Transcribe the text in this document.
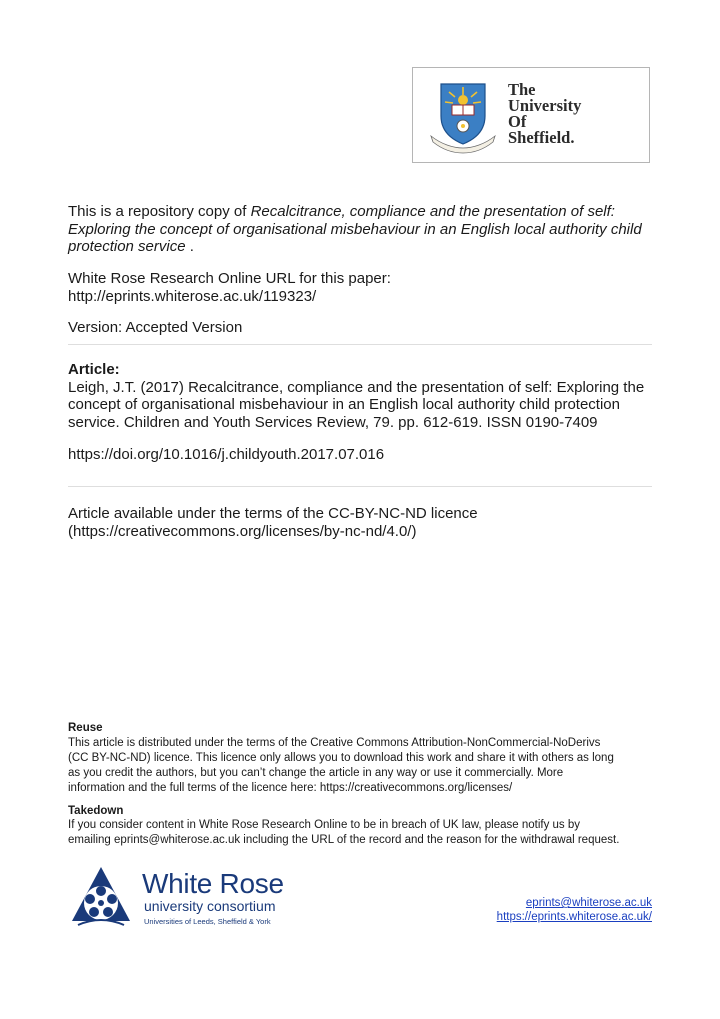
The
University
Of
Sheffield.
This is a repository copy of Recalcitrance, compliance and the presentation of self:
Exploring the concept of organisational misbehaviour in an English local authority child
protection service .
White Rose Research Online URL for this paper:
http://eprints.whiterose.ac.uk/119323/
Version: Accepted Version
Article:
Leigh, J.T. (2017) Recalcitrance, compliance and the presentation of self: Exploring the
concept of organisational misbehaviour in an English local authority child protection
service. Children and Youth Services Review, 79. pp. 612-619. ISSN 0190-7409
https://doi.org/10.1016/j.childyouth.2017.07.016
Article available under the terms of the CC-BY-NC-ND licence
(https://creativecommons.org/licenses/by-nc-nd/4.0/)
Reuse
This article is distributed under the terms of the Creative Commons Attribution-NonCommercial-NoDerivs
(CC BY-NC-ND) licence. This licence only allows you to download this work and share it with others as long
as you credit the authors, but you can’t change the article in any way or use it commercially. More
information and the full terms of the licence here: https://creativecommons.org/licenses/
Takedown
If you consider content in White Rose Research Online to be in breach of UK law, please notify us by
emailing eprints@whiterose.ac.uk including the URL of the record and the reason for the withdrawal request.
White Rose
university consortium
Universities of Leeds, Sheffield & York
eprints@whiterose.ac.uk
https://eprints.whiterose.ac.uk/
